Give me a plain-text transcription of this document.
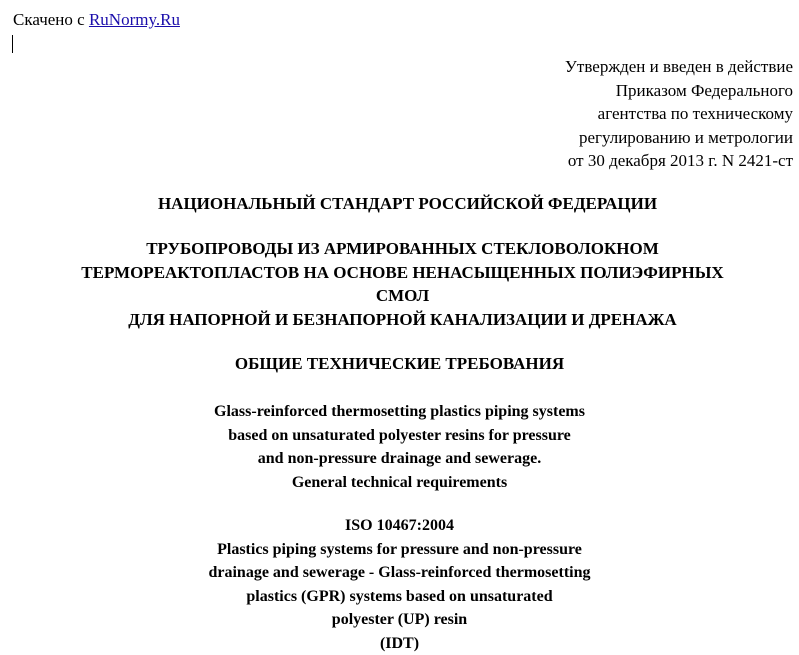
Скачено с RuNormy.Ru
Утвержден и введен в действие
Приказом Федерального
агентства по техническому
регулированию и метрологии
от 30 декабря 2013 г. N 2421-ст
НАЦИОНАЛЬНЫЙ СТАНДАРТ РОССИЙСКОЙ ФЕДЕРАЦИИ
ТРУБОПРОВОДЫ ИЗ АРМИРОВАННЫХ СТЕКЛОВОЛОКНОМ
ТЕРМОРЕАКТОПЛАСТОВ НА ОСНОВЕ НЕНАСЫЩЕННЫХ ПОЛИЭФИРНЫХ
СМОЛ
ДЛЯ НАПОРНОЙ И БЕЗНАПОРНОЙ КАНАЛИЗАЦИИ И ДРЕНАЖА
ОБЩИЕ ТЕХНИЧЕСКИЕ ТРЕБОВАНИЯ
Glass-reinforced thermosetting plastics piping systems
based on unsaturated polyester resins for pressure
and non-pressure drainage and sewerage.
General technical requirements
ISO 10467:2004
Plastics piping systems for pressure and non-pressure
drainage and sewerage - Glass-reinforced thermosetting
plastics (GPR) systems based on unsaturated
polyester (UP) resin
(IDT)
